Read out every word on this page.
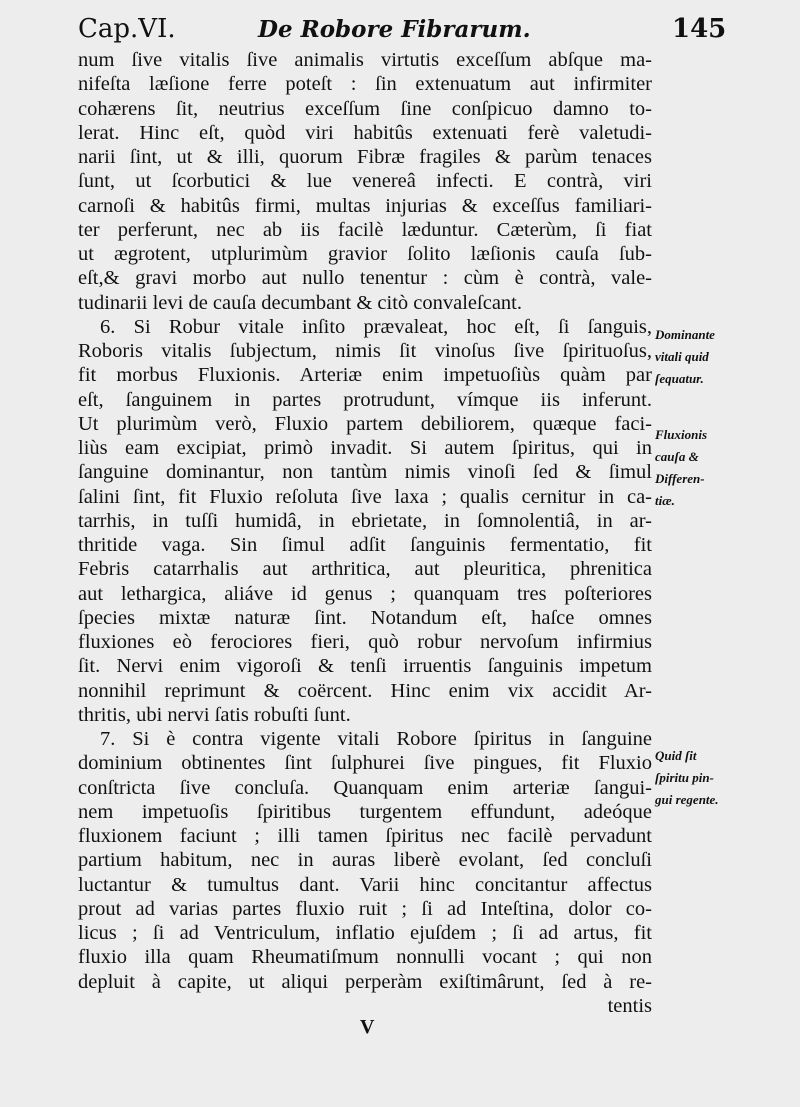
Cap.VI.	De Robore Fibrarum.	145
num ſive vitalis ſive animalis virtutis exceſſum abſque ma-
nifeſta læſione ferre poteſt : ſin extenuatum aut infirmiter
cohærens ſit, neutrius exceſſum ſine conſpicuo damno to-
lerat. Hinc eſt, quòd viri habitûs extenuati ferè valetudi-
narii ſint, ut & illi, quorum Fibræ fragiles & parùm tenaces
ſunt, ut ſcorbutici & lue venereâ infecti. E contrà, viri
carnoſi & habitûs firmi, multas injurias & exceſſus familiari-
ter perferunt, nec ab iis facilè læduntur. Cæterùm, ſi fiat
ut ægrotent, utplurimùm gravior ſolito læſionis cauſa ſub-
eſt,& gravi morbo aut nullo tenentur : cùm è contrà, vale-
tudinarii levi de cauſa decumbant & citò convaleſcant.
6. Si Robur vitale inſito prævaleat, hoc eſt, ſi ſanguis,
Roboris vitalis ſubjectum, nimis ſit vinoſus ſive ſpirituoſus,
fit morbus Fluxionis. Arteriæ enim impetuoſiùs quàm par
eſt, ſanguinem in partes protrudunt, vímque iis inferunt.
Ut plurimùm verò, Fluxio partem debiliorem, quæque faci-
liùs eam excipiat, primò invadit. Si autem ſpiritus, qui in
ſanguine dominantur, non tantùm nimis vinoſi ſed & ſimul
ſalini ſint, fit Fluxio reſoluta ſive laxa ; qualis cernitur in ca-
tarrhis, in tuſſi humidâ, in ebrietate, in ſomnolentiâ, in ar-
thritide vaga. Sin ſimul adſit ſanguinis fermentatio, fit
Febris catarrhalis aut arthritica, aut pleuritica, phrenitica
aut lethargica, aliáve id genus ; quanquam tres poſteriores
ſpecies mixtæ naturæ ſint. Notandum eſt, haſce omnes
fluxiones eò ferociores fieri, quò robur nervoſum infirmius
ſit. Nervi enim vigoroſi & tenſi irruentis ſanguinis impetum
nonnihil reprimunt & coërcent. Hinc enim vix accidit Ar-
thritis, ubi nervi ſatis robuſti ſunt.
7. Si è contra vigente vitali Robore ſpiritus in ſanguine
dominium obtinentes ſint ſulphurei ſive pingues, fit Fluxio
conſtricta ſive concluſa. Quanquam enim arteriæ ſangui-
nem impetuoſis ſpiritibus turgentem effundunt, adeóque
fluxionem faciunt ; illi tamen ſpiritus nec facilè pervadunt
partium habitum, nec in auras liberè evolant, ſed concluſi
luctantur & tumultus dant. Varii hinc concitantur affectus
prout ad varias partes fluxio ruit ; ſi ad Inteſtina, dolor co-
licus ; ſi ad Ventriculum, inflatio ejuſdem ; ſi ad artus, fit
fluxio illa quam Rheumatiſmum nonnulli vocant ; qui non
depluit à capite, ut aliqui perperàm exiſtimârunt, ſed à re-
tentis
Dominante
vitali quid
ſequatur.
Fluxionis
cauſa &
Differen-
tiæ.
Quid ſit
ſpiritu pin-
gui regente.
V
